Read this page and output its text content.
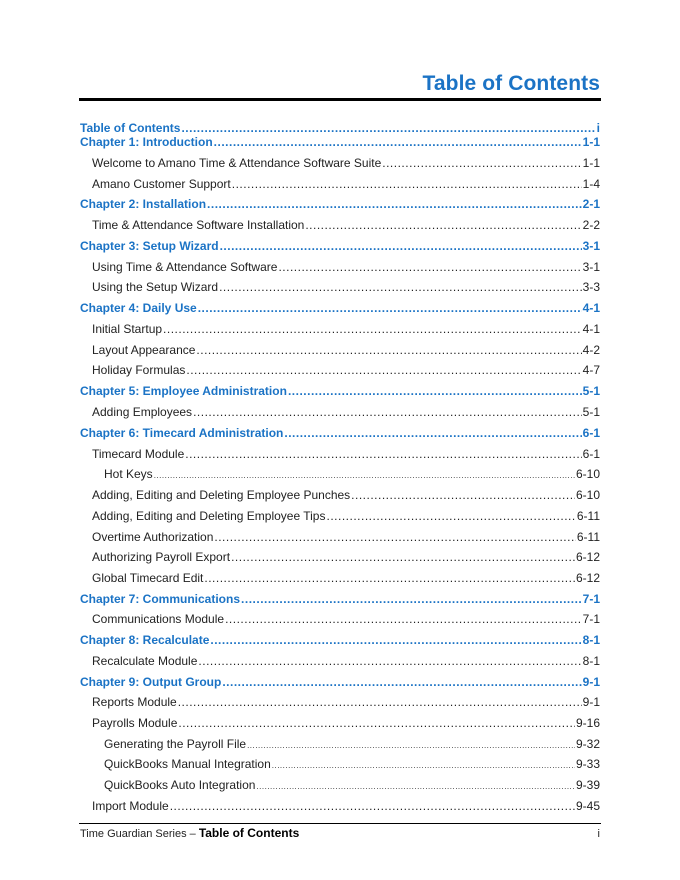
Table of Contents
Table of Contents .....	i
Chapter 1: Introduction .....	1-1
Welcome to Amano Time & Attendance Software Suite .....	1-1
Amano Customer Support .....	1-4
Chapter 2: Installation .....	2-1
Time & Attendance Software Installation .....	2-2
Chapter 3: Setup Wizard .....	3-1
Using Time & Attendance Software .....	3-1
Using the Setup Wizard .....	3-3
Chapter 4: Daily Use .....	4-1
Initial Startup .....	4-1
Layout Appearance .....	4-2
Holiday Formulas .....	4-7
Chapter 5: Employee Administration .....	5-1
Adding Employees .....	5-1
Chapter 6: Timecard Administration .....	6-1
Timecard Module .....	6-1
Hot Keys .....	6-10
Adding, Editing and Deleting Employee Punches .....	6-10
Adding, Editing and Deleting Employee Tips .....	6-11
Overtime Authorization .....	6-11
Authorizing Payroll Export .....	6-12
Global Timecard Edit .....	6-12
Chapter 7: Communications .....	7-1
Communications Module .....	7-1
Chapter 8: Recalculate .....	8-1
Recalculate Module .....	8-1
Chapter 9: Output Group .....	9-1
Reports Module .....	9-1
Payrolls Module .....	9-16
Generating the Payroll File .....	9-32
QuickBooks Manual Integration .....	9-33
QuickBooks Auto Integration .....	9-39
Import Module .....	9-45
Time Guardian Series – Table of Contents	i
